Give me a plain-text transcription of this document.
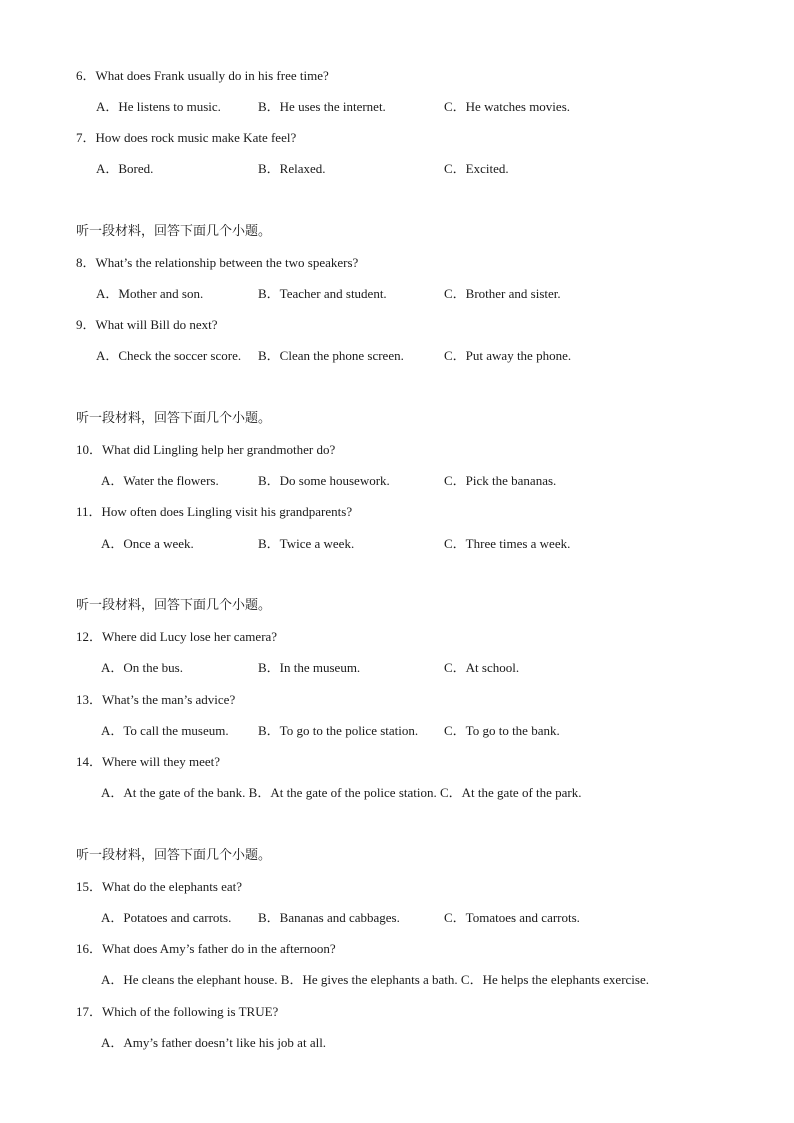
6．What does Frank usually do in his free time?
A．He listens to music.	B．He uses the internet.	C．He watches movies.
7．How does rock music make Kate feel?
A．Bored.	B．Relaxed.	C．Excited.
听一段材料，回答下面几个小题。
8．What’s the relationship between the two speakers?
A．Mother and son.	B．Teacher and student.	C．Brother and sister.
9．What will Bill do next?
A．Check the soccer score. B．Clean the phone screen.	C．Put away the phone.
听一段材料，回答下面几个小题。
10．What did Lingling help her grandmother do?
A．Water the flowers.	B．Do some housework.	C．Pick the bananas.
11．How often does Lingling visit his grandparents?
A．Once a week.	B．Twice a week.	C．Three times a week.
听一段材料，回答下面几个小题。
12．Where did Lucy lose her camera?
A．On the bus.	B．In the museum.	C．At school.
13．What’s the man’s advice?
A．To call the museum. B．To go to the police station. C．To go to the bank.
14．Where will they meet?
A．At the gate of the bank. B．At the gate of the police station. C．At the gate of the park.
听一段材料，回答下面几个小题。
15．What do the elephants eat?
A．Potatoes and carrots. B．Bananas and cabbages.	C．Tomatoes and carrots.
16．What does Amy’s father do in the afternoon?
A．He cleans the elephant house. B．He gives the elephants a bath. C．He helps the elephants exercise.
17．Which of the following is TRUE?
A．Amy’s father doesn’t like his job at all.
